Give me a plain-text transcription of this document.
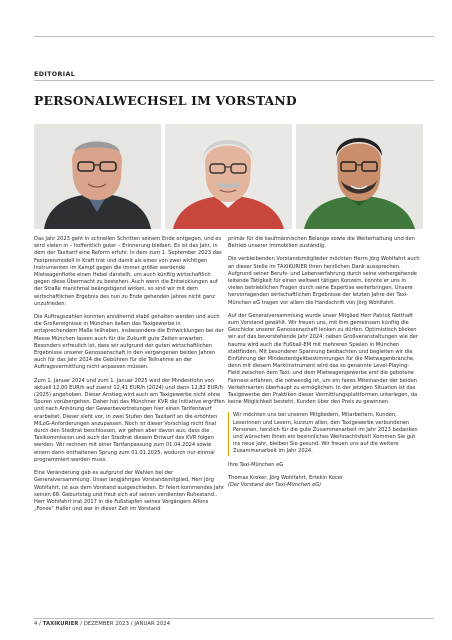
EDITORIAL
PERSONALWECHSEL IM VORSTAND

Das Jahr 2023 geht in schnellen Schritten seinem Ende entgegen, und es wird vielen in – hoffentlich guter – Erinnerung bleiben. Es ist das Jahr, in dem der Taxitarif eine Reform erfuhr. In dem zum 1. September 2023 das Festpreismodell in Kraft trat und damit als eines von zwei wichtigen Instrumenten im Kampf gegen die immer größer werdende Mietwagenflotte einen Hebel darstellt, um auch künftig wirtschaftlich gegen diese Übermacht zu bestehen. Auch wenn die Entwicklungen auf der Straße manchmal beängstigend wirken, so sind wir mit dem wirtschaftlichen Ergebnis des nun zu Ende gehenden Jahres nicht ganz unzufrieden:

Die Auftragszahlen konnten annähernd stabil gehalten werden und auch die Großereignisse in München ließen das Taxigewerbe in entsprechendem Maße teilhaben, insbesondere die Entwicklungen bei der Messe München lassen auch für die Zukunft gute Zeiten erwarten. Besonders erfreulich ist, dass wir aufgrund der guten wirtschaftlichen Ergebnisse unserer Genossenschaft in den vergangenen beiden Jahren auch für das Jahr 2024 die Gebühren für die Teilnahme an der Auftragsvermittlung nicht anpassen müssen.

Zum 1. Januar 2024 und zum 1. Januar 2025 wird der Mindestlohn von aktuell 12,00 EUR/h auf zuerst 12,41 EUR/h (2024) und dann 12,82 EUR/h (2025) angehoben. Dieser Anstieg wird auch am Taxigewerbe nicht ohne Spuren vorübergehen. Daher hat das Münchner KVR die Initiative ergriffen und nach Anhörung der Gewerbevertretungen hier einen Tarifentwurf erarbeitet. Dieser sieht vor, in zwei Stufen den Taxitarif an die erhöhten MiLoG-Anforderungen anzupassen. Noch ist dieser Vorschlag nicht final durch den Stadtrat beschlossen, wir gehen aber davon aus, dass die Taxikommission und auch der Stadtrat diesem Entwurf des KVR folgen werden. Wir rechnen mit einer Tarifanpassung zum 01.04.2024 sowie einem darin enthaltenen Sprung zum 01.01.2025, wodurch nur einmal programmiert werden muss.

Eine Veränderung gab es aufgrund der Wahlen bei der Generalversammlung: Unser langjähriges Vorstandsmitglied, Herr Jörg Wohlfahrt, ist aus dem Vorstand ausgeschieden. Er feiert kommendes Jahr seinen 68. Geburtstag und freut sich auf seinen verdienten Ruhestand.. Herr Wohlfahrt trat 2017 in die Fußstapfen seines Vorgängers Alfons „Fonse“ Haller und war in dieser Zeit im Vorstand

primär für die kaufmännischen Belange sowie die Weiterhaltung und den Betrieb unserer Immobilien zuständig.

Die verbleibenden Vorstandsmitglieder möchten Herrn Jörg Wohlfahrt auch an dieser Stelle im TAXIKURIER Ihren herzlichen Dank aussprechen. Aufgrund seiner Berufs- und Lebenserfahrung durch seine vorhergehende leitende Tätigkeit für einen weltweit tätigen Konzern, konnte er uns in vielen betrieblichen Fragen durch seine Expertise weiterbringen. Unsere hervorragenden wirtschaftlichen Ergebnisse der letzten Jahre der Taxi-München eG tragen vor allem die Handschrift von Jörg Wohlfahrt.

Auf der Generalversammlung wurde unser Mitglied Herr Patrick Notthaft zum Vorstand gewählt. Wir freuen uns, mit ihm gemeinsam künftig die Geschicke unserer Genossenschaft lenken zu dürfen. Optimistisch blicken wir auf das bevorstehende Jahr 2024: neben Großveranstaltungen wie der bauma wird auch die Fußball-EM mit mehreren Spielen in München stattfinden. Mit besonderer Spannung beobachten und begleiten wir die Einführung der Mindestentgeltbestimmungen für die Mietwagenbranche, denn mit diesem Marktinstrument wird das so genannte Level-Playing-Field zwischen dem Taxi- und dem Mietwagengewerbe erst die gebotene Fairness erfahren, die notwendig ist, um ein faires Miteinander der beiden Verkehrsarten überhaupt zu ermöglichen. In der jetzigen Situation ist das Taxigewerbe den Praktiken dieser Vermittlungsplattformen unterlegen, da keine Möglichkeit besteht, Kunden über den Preis zu gewinnen.

Wir möchten uns bei unseren Mitgliedern, Mitarbeitern, Kunden, Leserinnen und Lesern, kurzum allen, den Taxigewerbe verbundenen Personen, herzlich für die gute Zusammenarbeit im Jahr 2023 bedanken und wünschen Ihnen ein besinnliches Weihnachtsfest! Kommen Sie gut ins neue Jahr, bleiben Sie gesund. Wir freuen uns auf die weitere Zusammenarbeit im Jahr 2024.

Ihre Taxi-München eG

Thomas Kroker, Jörg Wohlfahrt, Ertekin Kocer

(Der Vorstand der Taxi-München eG)

4 / TAXIKURIER / DEZEMBER 2023 / JANUAR 2024
